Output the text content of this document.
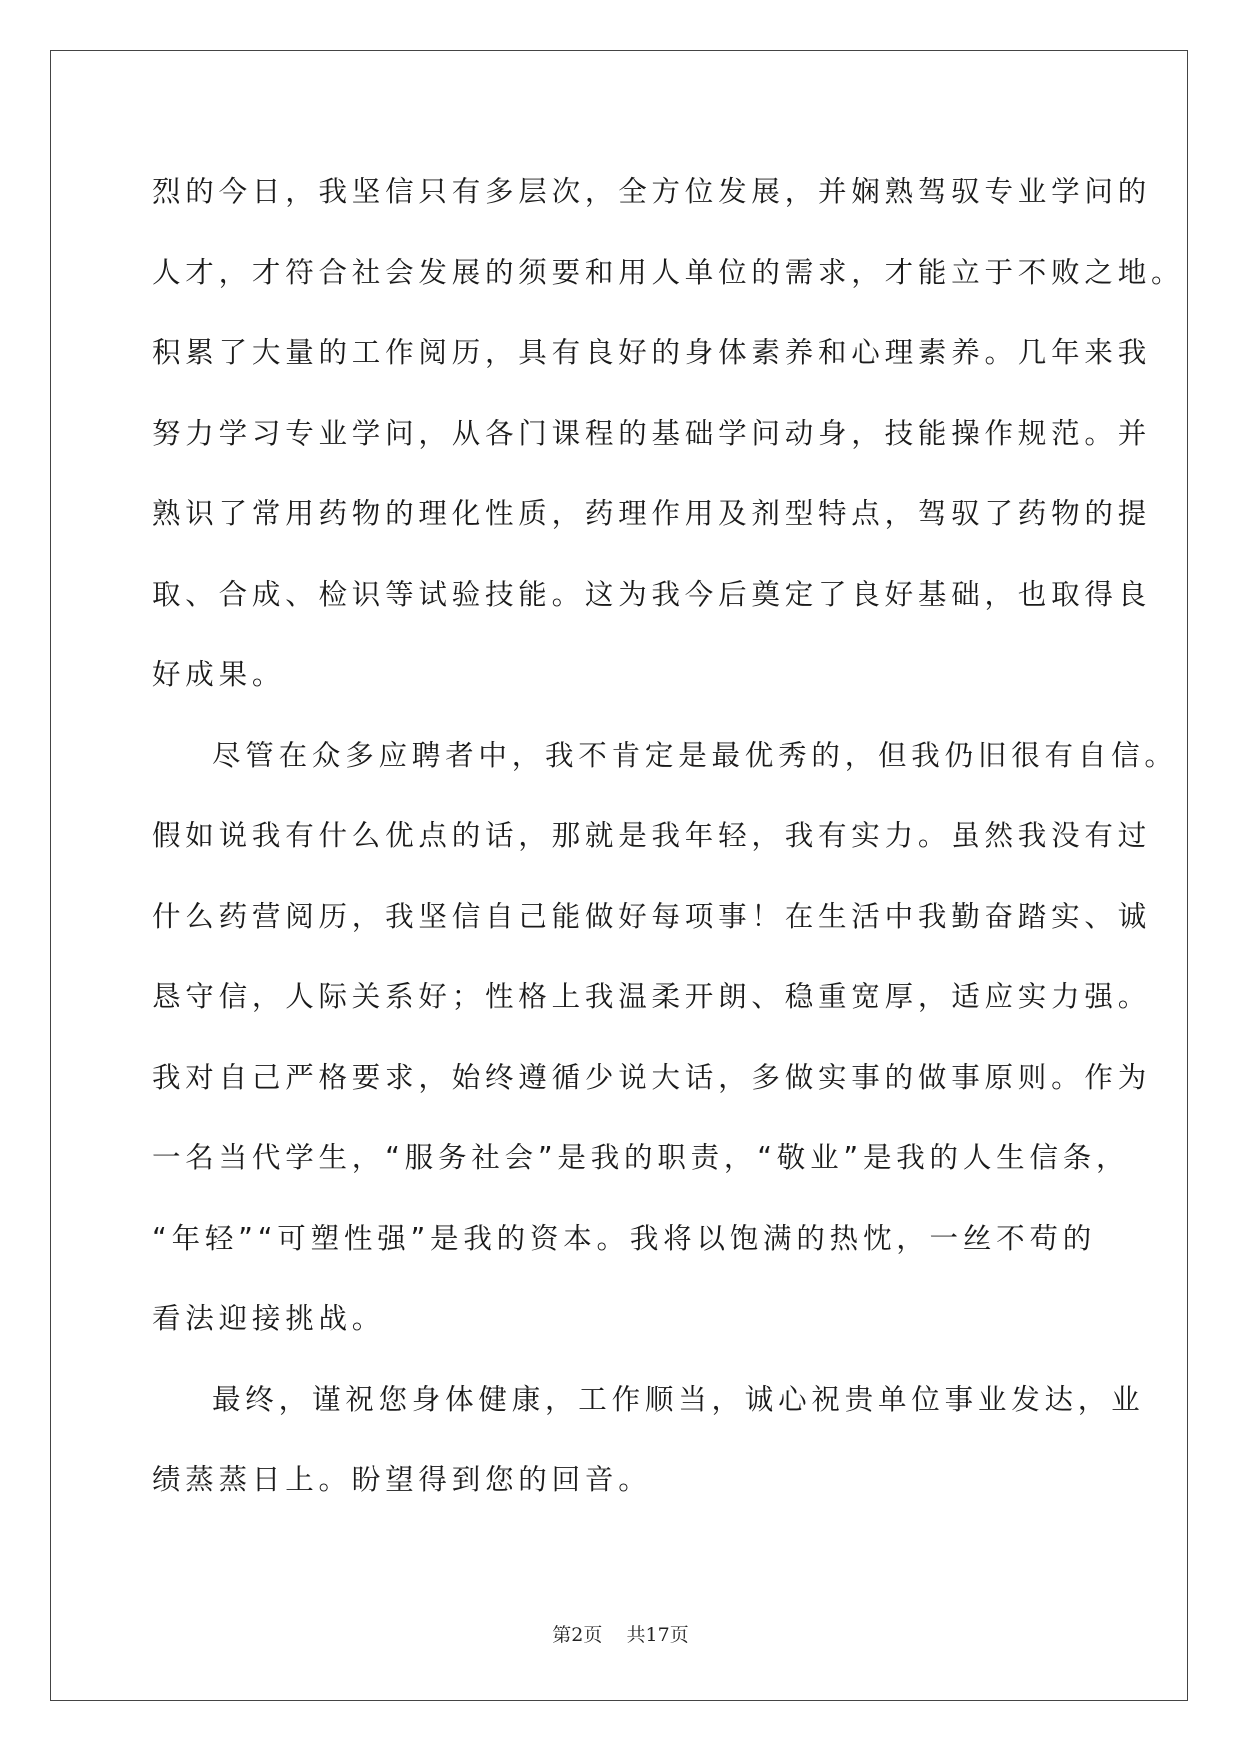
烈的今日，我坚信只有多层次，全方位发展，并娴熟驾驭专业学问的
人才，才符合社会发展的须要和用人单位的需求，才能立于不败之地。
积累了大量的工作阅历，具有良好的身体素养和心理素养。几年来我
努力学习专业学问，从各门课程的基础学问动身，技能操作规范。并
熟识了常用药物的理化性质，药理作用及剂型特点，驾驭了药物的提
取、合成、检识等试验技能。这为我今后奠定了良好基础，也取得良
好成果。
尽管在众多应聘者中，我不肯定是最优秀的，但我仍旧很有自信。
假如说我有什么优点的话，那就是我年轻，我有实力。虽然我没有过
什么药营阅历，我坚信自己能做好每项事！在生活中我勤奋踏实、诚
恳守信，人际关系好；性格上我温柔开朗、稳重宽厚，适应实力强。
我对自己严格要求，始终遵循少说大话，多做实事的做事原则。作为
一名当代学生，“服务社会”是我的职责，“敬业”是我的人生信条，
“年轻”“可塑性强”是我的资本。我将以饱满的热忱，一丝不苟的
看法迎接挑战。
最终，谨祝您身体健康，工作顺当，诚心祝贵单位事业发达，业
绩蒸蒸日上。盼望得到您的回音。
第2页 共17页
